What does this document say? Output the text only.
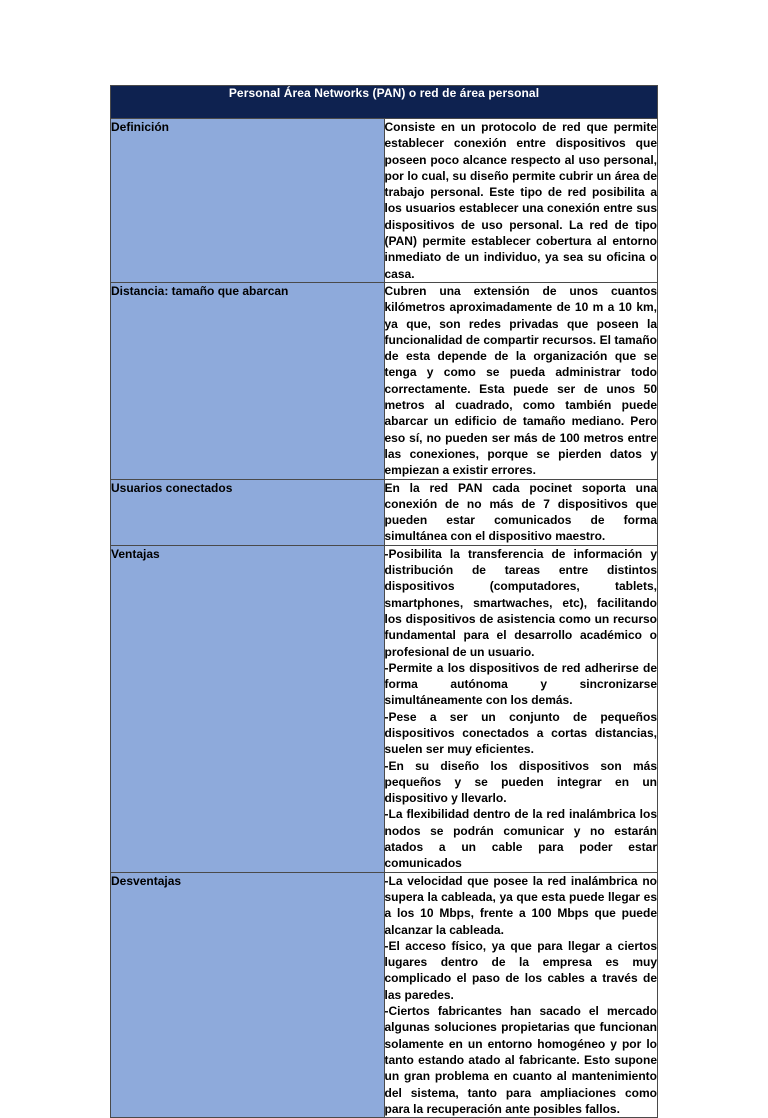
Personal Área Networks (PAN) o red de área personal	
Definición	Consiste en un protocolo de red que permite establecer conexión entre dispositivos que poseen poco alcance respecto al uso personal, por lo cual, su diseño permite cubrir un área de trabajo personal. Este tipo de red posibilita a los usuarios establecer una conexión entre sus dispositivos de uso personal. La red de tipo (PAN) permite establecer cobertura al entorno inmediato de un individuo, ya sea su oficina o casa.

Distancia: tamaño que abarcan	Cubren una extensión de unos cuantos kilómetros aproximadamente de 10 m a 10 km, ya que, son redes privadas que poseen la funcionalidad de compartir recursos. El tamaño de esta depende de la organización que se tenga y como se pueda administrar todo correctamente. Esta puede ser de unos 50 metros al cuadrado, como también puede abarcar un edificio de tamaño mediano. Pero eso sí, no pueden ser más de 100 metros entre las conexiones, porque se pierden datos y empiezan a existir errores.

Usuarios conectados	En la red PAN cada pocinet soporta una conexión de no más de 7 dispositivos que pueden estar comunicados de forma simultánea con el dispositivo maestro.

Ventajas	-Posibilita la transferencia de información y distribución de tareas entre distintos dispositivos (computadores, tablets, smartphones, smartwaches, etc), facilitando los dispositivos de asistencia como un recurso fundamental para el desarrollo académico o profesional de un usuario.
-Permite a los dispositivos de red adherirse de forma autónoma y sincronizarse simultáneamente con los demás.
-Pese a ser un conjunto de pequeños dispositivos conectados a cortas distancias, suelen ser muy eficientes.
-En su diseño los dispositivos son más pequeños y se pueden integrar en un dispositivo y llevarlo.
-La flexibilidad dentro de la red inalámbrica los nodos se podrán comunicar y no estarán atados a un cable para poder estar comunicados

Desventajas	-La velocidad que posee la red inalámbrica no supera la cableada, ya que esta puede llegar es a los 10 Mbps, frente a 100 Mbps que puede alcanzar la cableada.
-El acceso físico, ya que para llegar a ciertos lugares dentro de la empresa es muy complicado el paso de los cables a través de las paredes.
-Ciertos fabricantes han sacado el mercado algunas soluciones propietarias que funcionan solamente en un entorno homogéneo y por lo tanto estando atado al fabricante. Esto supone un gran problema en cuanto al mantenimiento del sistema, tanto para ampliaciones como para la recuperación ante posibles fallos.
